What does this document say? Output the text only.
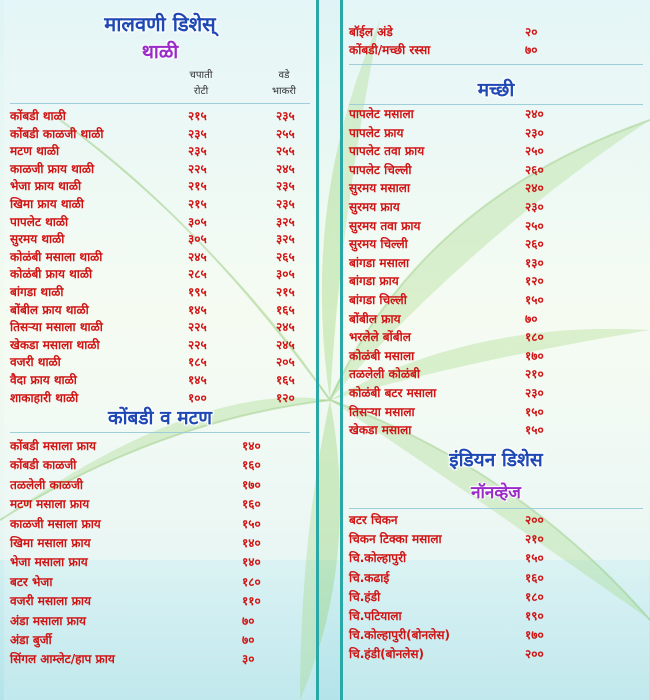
मालवणी डिशेस्
थाळी
चपाती
रोटी
वडे
भाकरी
कोंबडी थाळी	२१५	२३५
कोंबडी काळजी थाळी	२३५	२५५
मटण थाळी	२३५	२५५
काळजी फ्राय थाळी	२२५	२४५
भेजा फ्राय थाळी	२१५	२३५
खिमा फ्राय थाळी	२१५	२३५
पापलेट थाळी	३०५	३२५
सुरमय थाळी	३०५	३२५
कोळंबी मसाला थाळी	२४५	२६५
कोळंबी फ्राय थाळी	२८५	३०५
बांगडा थाळी	१९५	२१५
बोंबील फ्राय थाळी	१४५	१६५
तिसऱ्या मसाला थाळी	२२५	२४५
खेकडा मसाला थाळी	२२५	२४५
वजरी थाळी	१८५	२०५
वैदा फ्राय थाळी	१४५	१६५
शाकाहारी थाळी	१००	१२०
कोंबडी व मटण
कोंबडी मसाला फ्राय	१४०
कोंबडी काळजी	१६०
तळलेली काळजी	१७०
मटण मसाला फ्राय	१६०
काळजी मसाला फ्राय	१५०
खिमा मसाला फ्राय	१४०
भेजा मसाला फ्राय	१४०
बटर भेजा	१८०
वजरी मसाला फ्राय	११०
अंडा मसाला फ्राय	७०
अंडा बुर्जी	७०
सिंगल आम्लेट/हाप फ्राय	३०
बॉईल अंडे	२०
कोंबडी/मच्छी रस्सा	७०
मच्छी
पापलेट मसाला	२४०
पापलेट फ्राय	२३०
पापलेट तवा फ्राय	२५०
पापलेट चिल्ली	२६०
सुरमय मसाला	२४०
सुरमय फ्राय	२३०
सुरमय तवा फ्राय	२५०
सुरमय चिल्ली	२६०
बांगडा मसाला	१३०
बांगडा फ्राय	१२०
बांगडा चिल्ली	१५०
बोंबील फ्राय	७०
भरलेले बोंबील	१८०
कोळंबी मसाला	१७०
तळलेली कोळंबी	२१०
कोळंबी बटर मसाला	२३०
तिसऱ्या मसाला	१५०
खेकडा मसाला	१५०
इंडियन डिशेस
नॉनव्हेज
बटर चिकन	२००
चिकन टिक्का मसाला	२१०
चि.कोल्हापुरी	१५०
चि.कढाई	१६०
चि.हंडी	१८०
चि.पटियाला	१९०
चि.कोल्हापुरी(बोनलेस)	१७०
चि.हंडी(बोनलेस)	२००
